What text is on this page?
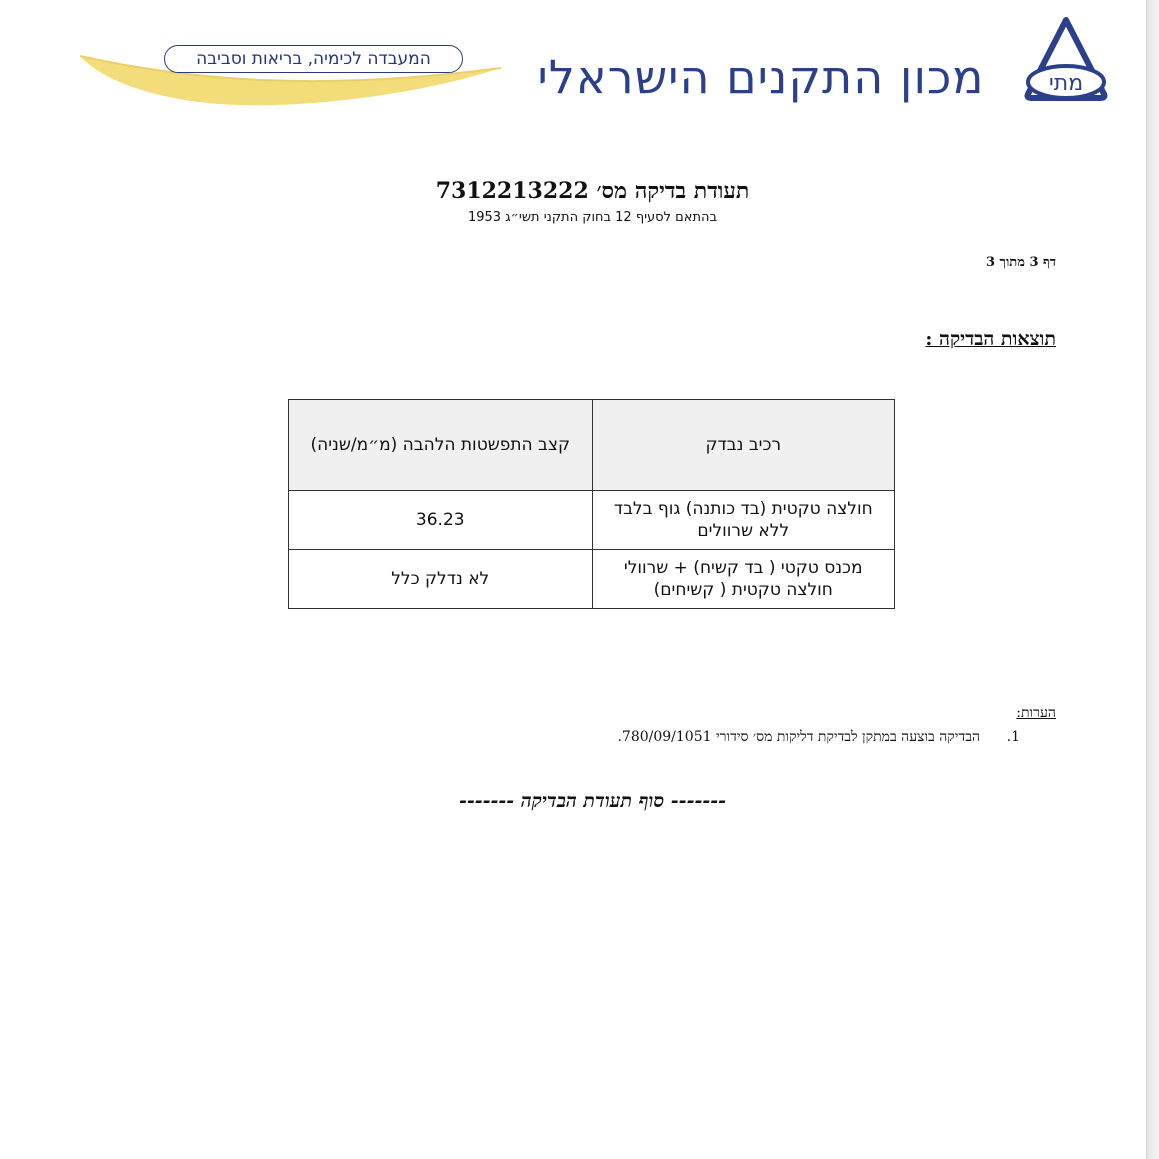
המעבדה לכימיה, בריאות וסביבה מכון התקנים הישראלי	מתי
תעודת בדיקה מס׳ 7312213222
בהתאם לסעיף 12 בחוק התקני תשי״ג 1953
דף 3 מתוך 3
תוצאות הבדיקה :
רכיב נבדק	קצב התפשטות הלהבה (מ״מ/שניה)
חולצה טקטית (בד כותנה) גוף בלבד ללא שרוולים	36.23
מכנס טקטי ( בד קשיח) + שרוולי חולצה טקטית ( קשיחים)	לא נדלק כלל
הערות:
1.
הבדיקה בוצעה במתקן לבדיקת דליקות מס׳ סידורי 780/09/1051.
------- סוף תעודת הבדיקה -------
